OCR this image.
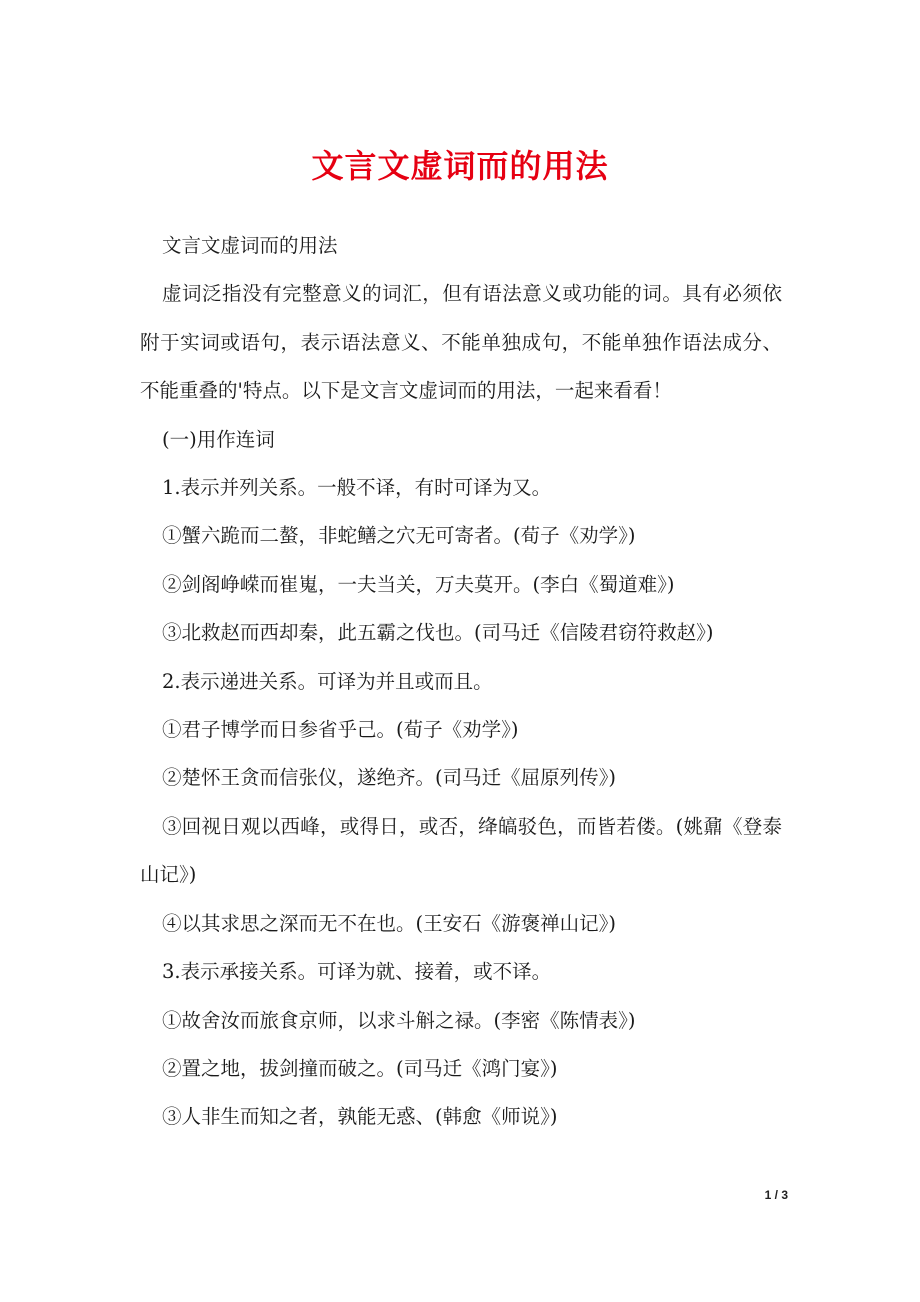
文言文虚词而的用法

文言文虚词而的用法

虚词泛指没有完整意义的词汇，但有语法意义或功能的词。具有必须依附于实词或语句，表示语法意义、不能单独成句，不能单独作语法成分、不能重叠的'特点。以下是文言文虚词而的用法，一起来看看！

(一)用作连词

1.表示并列关系。一般不译，有时可译为又。

①蟹六跪而二螯，非蛇鳝之穴无可寄者。(荀子《劝学》)

②剑阁峥嵘而崔嵬，一夫当关，万夫莫开。(李白《蜀道难》)

③北救赵而西却秦，此五霸之伐也。(司马迁《信陵君窃符救赵》)

2.表示递进关系。可译为并且或而且。

①君子博学而日参省乎己。(荀子《劝学》)

②楚怀王贪而信张仪，遂绝齐。(司马迁《屈原列传》)

③回视日观以西峰，或得日，或否，绛皜驳色，而皆若偻。(姚鼐《登泰山记》)

④以其求思之深而无不在也。(王安石《游褒禅山记》)

3.表示承接关系。可译为就、接着，或不译。

①故舍汝而旅食京师，以求斗斛之禄。(李密《陈情表》)

②置之地，拔剑撞而破之。(司马迁《鸿门宴》)

③人非生而知之者，孰能无惑、(韩愈《师说》)

1 / 3
